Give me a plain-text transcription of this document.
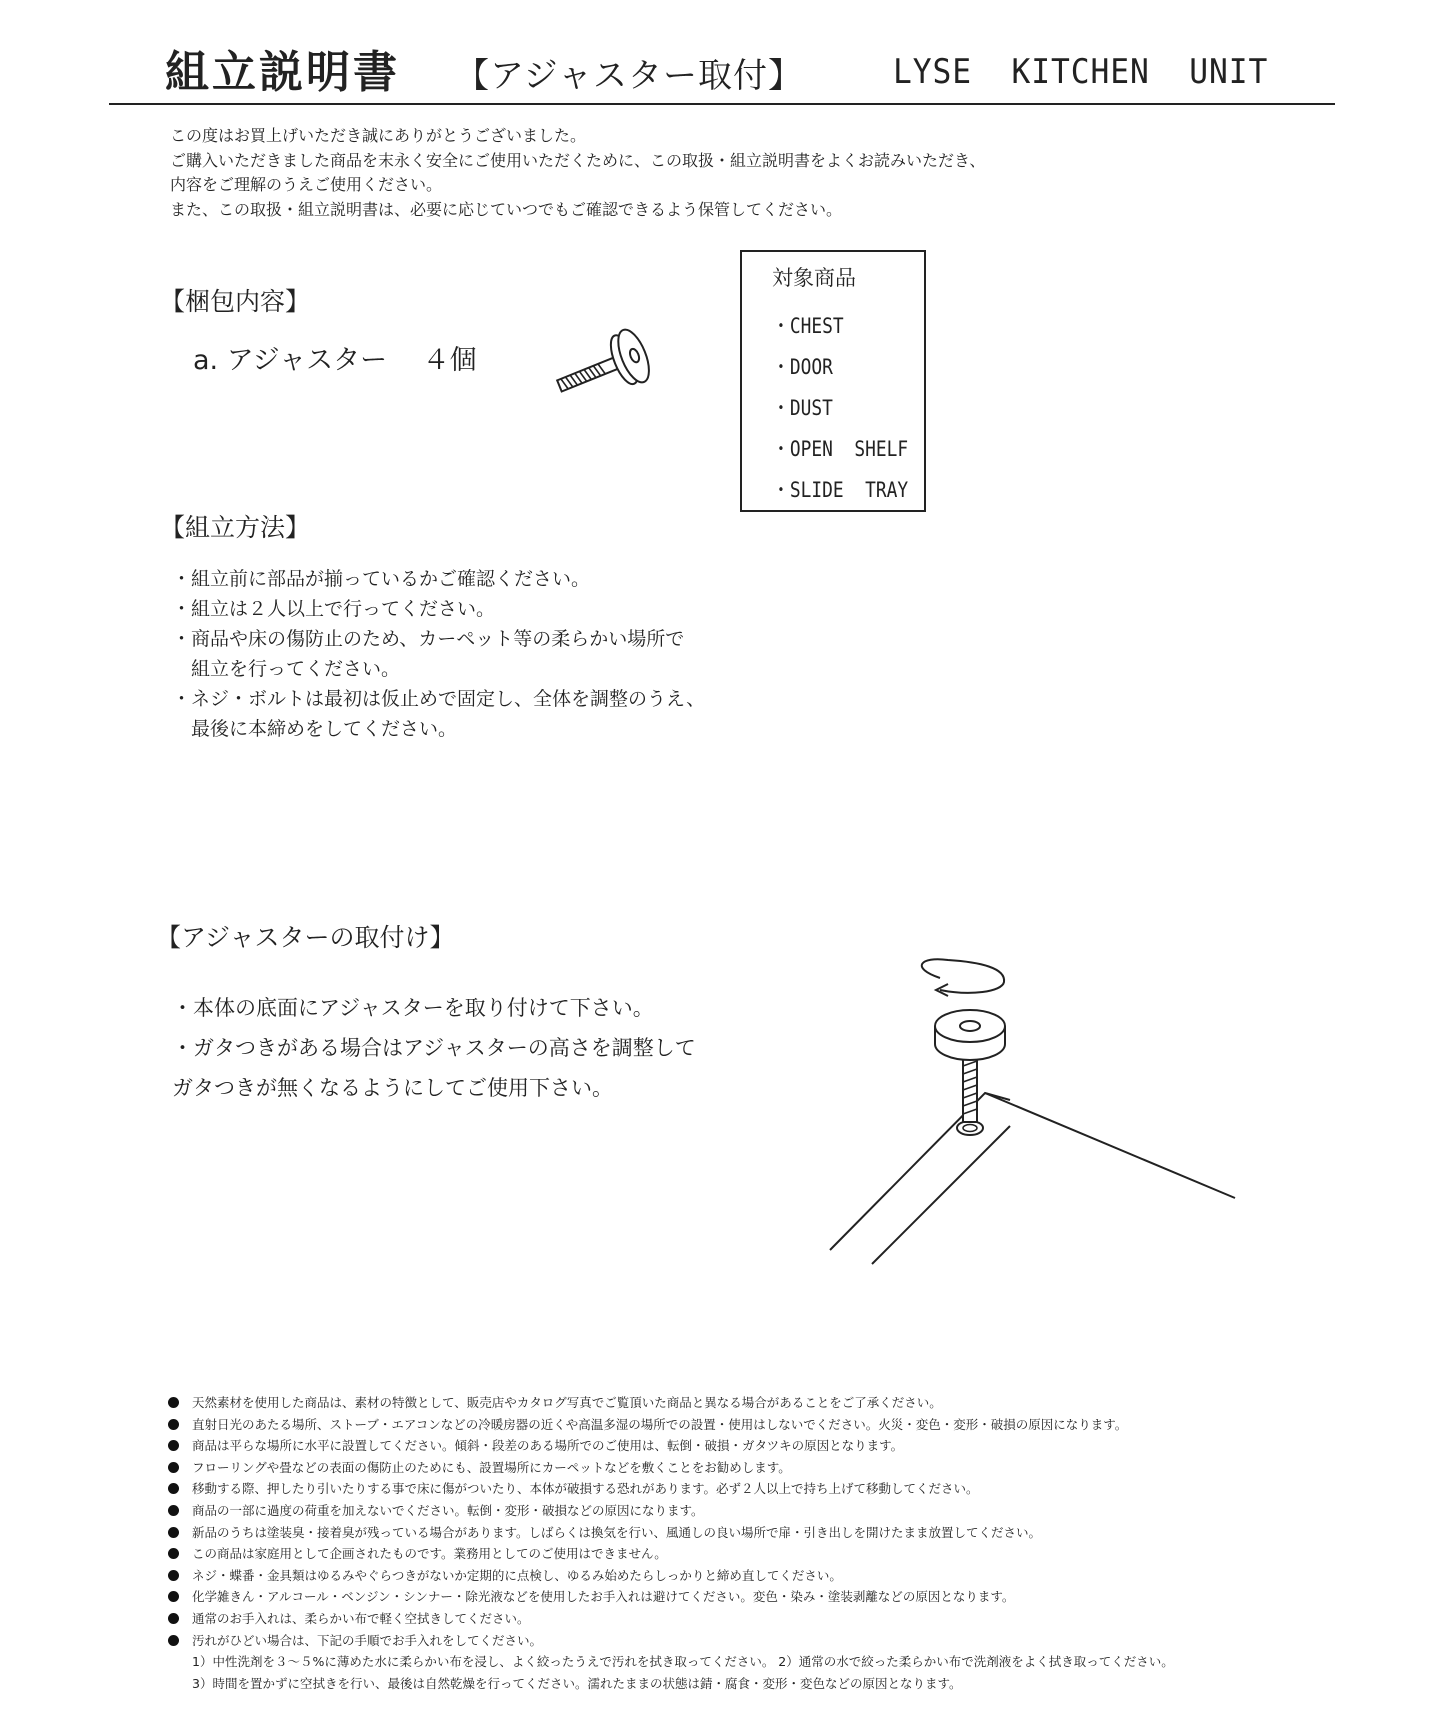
組立説明書 【アジャスター取付】	LYSE  KITCHEN  UNIT
この度はお買上げいただき誠にありがとうございました。
ご購入いただきました商品を末永く安全にご使用いただくために、この取扱・組立説明書をよくお読みいただき、
内容をご理解のうえご使用ください。
また、この取扱・組立説明書は、必要に応じていつでもご確認できるよう保管してください。
【梱包内容】
a. アジャスター　 ４個
対象商品
・CHEST
・DOOR
・DUST
・OPEN  SHELF
・SLIDE  TRAY
【組立方法】
・組立前に部品が揃っているかご確認ください。
・組立は２人以上で行ってください。
・商品や床の傷防止のため、カーペット等の柔らかい場所で
　組立を行ってください。
・ネジ・ボルトは最初は仮止めで固定し、全体を調整のうえ、
　最後に本締めをしてください。
【アジャスターの取付け】
・本体の底面にアジャスターを取り付けて下さい。
・ガタつきがある場合はアジャスターの高さを調整して
ガタつきが無くなるようにしてご使用下さい。
天然素材を使用した商品は、素材の特徴として、販売店やカタログ写真でご覧頂いた商品と異なる場合があることをご了承ください。
直射日光のあたる場所、ストーブ・エアコンなどの冷暖房器の近くや高温多湿の場所での設置・使用はしないでください。火災・変色・変形・破損の原因になります。
商品は平らな場所に水平に設置してください。傾斜・段差のある場所でのご使用は、転倒・破損・ガタツキの原因となります。
フローリングや畳などの表面の傷防止のためにも、設置場所にカーペットなどを敷くことをお勧めします。
移動する際、押したり引いたりする事で床に傷がついたり、本体が破損する恐れがあります。必ず２人以上で持ち上げて移動してください。
商品の一部に過度の荷重を加えないでください。転倒・変形・破損などの原因になります。
新品のうちは塗装臭・接着臭が残っている場合があります。しばらくは換気を行い、風通しの良い場所で扉・引き出しを開けたまま放置してください。
この商品は家庭用として企画されたものです。業務用としてのご使用はできません。
ネジ・蝶番・金具類はゆるみやぐらつきがないか定期的に点検し、ゆるみ始めたらしっかりと締め直してください。
化学雑きん・アルコール・ベンジン・シンナー・除光液などを使用したお手入れは避けてください。変色・染み・塗装剥離などの原因となります。
通常のお手入れは、柔らかい布で軽く空拭きしてください。
汚れがひどい場合は、下記の手順でお手入れをしてください。
1）中性洗剤を３～５%に薄めた水に柔らかい布を浸し、よく絞ったうえで汚れを拭き取ってください。 2）通常の水で絞った柔らかい布で洗剤液をよく拭き取ってください。
3）時間を置かずに空拭きを行い、最後は自然乾燥を行ってください。濡れたままの状態は錆・腐食・変形・変色などの原因となります。
